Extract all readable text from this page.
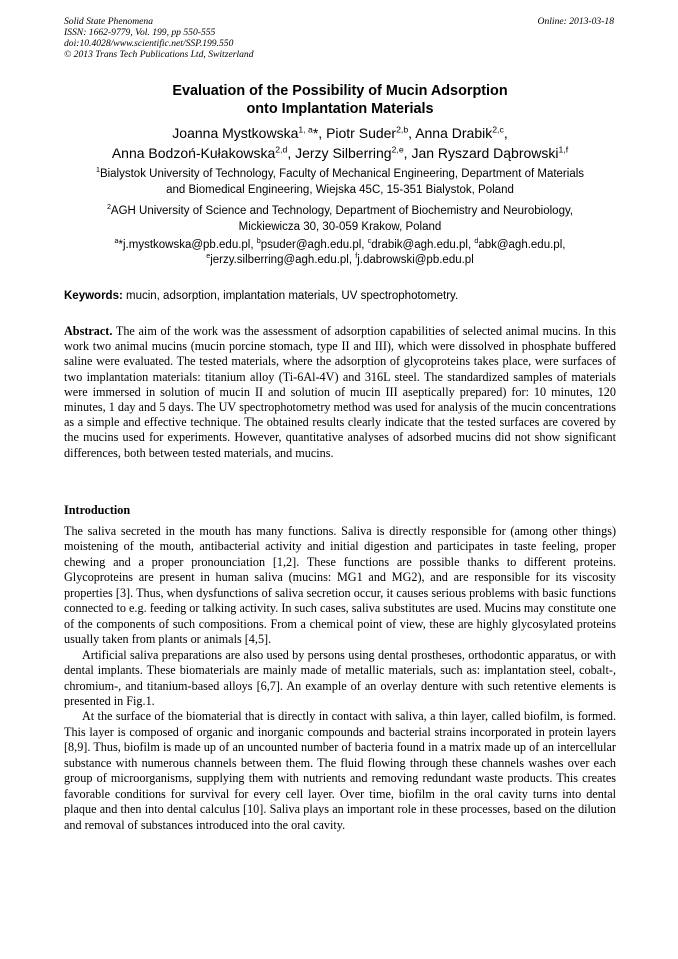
Solid State Phenomena
ISSN: 1662-9779, Vol. 199, pp 550-555
doi:10.4028/www.scientific.net/SSP.199.550
© 2013 Trans Tech Publications Ltd, Switzerland
Online: 2013-03-18
Evaluation of the Possibility of Mucin Adsorption
onto Implantation Materials
Joanna Mystkowska$^{1, a}$*, Piotr Suder$^{2,b}$, Anna Drabik$^{2,c}$,
Anna Bodzoń-Kułakowska$^{2,d}$, Jerzy Silberring$^{2,e}$, Jan Ryszard Dąbrowski$^{1,f}$
$^1$Bialystok University of Technology, Faculty of Mechanical Engineering, Department of Materials
and Biomedical Engineering, Wiejska 45C, 15-351 Bialystok, Poland
$^2$AGH University of Science and Technology, Department of Biochemistry and Neurobiology,
Mickiewicza 30, 30-059 Krakow, Poland
$^a$*j.mystkowska@pb.edu.pl, $^b$psuder@agh.edu.pl, $^c$drabik@agh.edu.pl, $^d$abk@agh.edu.pl,
$^e$jerzy.silberring@agh.edu.pl, $^f$j.dabrowski@pb.edu.pl
Keywords: mucin, adsorption, implantation materials, UV spectrophotometry.
Abstract. The aim of the work was the assessment of adsorption capabilities of selected animal mucins. In this work two animal mucins (mucin porcine stomach, type II and III), which were dissolved in phosphate buffered saline were evaluated. The tested materials, where the adsorption of glycoproteins takes place, were surfaces of two implantation materials: titanium alloy (Ti-6Al-4V) and 316L steel. The standardized samples of materials were immersed in solution of mucin II and solution of mucin III aseptically prepared) for: 10 minutes, 120 minutes, 1 day and 5 days. The UV spectrophotometry method was used for analysis of the mucin concentrations as a simple and effective technique. The obtained results clearly indicate that the tested surfaces are covered by the mucins used for experiments. However, quantitative analyses of adsorbed mucins did not show significant differences, both between tested materials, and mucins.
Introduction

The saliva secreted in the mouth has many functions. Saliva is directly responsible for (among other things) moistening of the mouth, antibacterial activity and initial digestion and participates in taste feeling, proper chewing and a proper pronounciation [1,2]. These functions are possible thanks to different proteins. Glycoproteins are present in human saliva (mucins: MG1 and MG2), and are responsible for its viscosity properties [3]. Thus, when dysfunctions of saliva secretion occur, it causes serious problems with basic functions connected to e.g. feeding or talking activity. In such cases, saliva substitutes are used. Mucins may constitute one of the components of such compositions. From a chemical point of view, these are highly glycosylated proteins usually taken from plants or animals [4,5].

Artificial saliva preparations are also used by persons using dental prostheses, orthodontic apparatus, or with dental implants. These biomaterials are mainly made of metallic materials, such as: implantation steel, cobalt-, chromium-, and titanium-based alloys [6,7]. An example of an overlay denture with such retentive elements is presented in Fig.1.

At the surface of the biomaterial that is directly in contact with saliva, a thin layer, called biofilm, is formed. This layer is composed of organic and inorganic compounds and bacterial strains incorporated in protein layers [8,9]. Thus, biofilm is made up of an uncounted number of bacteria found in a matrix made up of an intercellular substance with numerous channels between them. The fluid flowing through these channels washes over each group of microorganisms, supplying them with nutrients and removing redundant waste products. This creates favorable conditions for survival for every cell layer. Over time, biofilm in the oral cavity turns into dental plaque and then into dental calculus [10]. Saliva plays an important role in these processes, based on the dilution and removal of substances introduced into the oral cavity.
